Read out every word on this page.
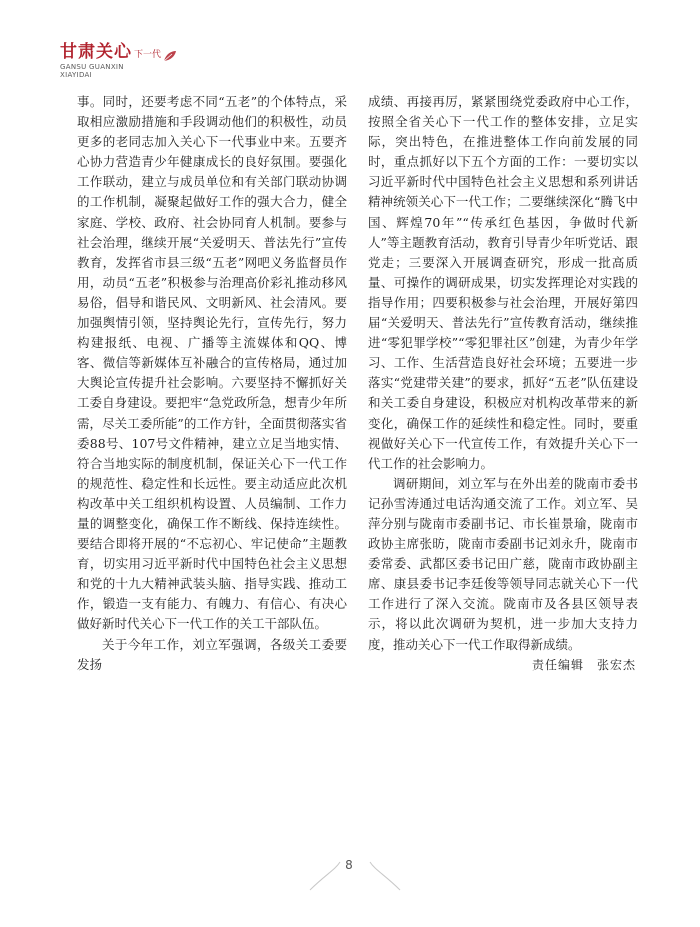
甘肃关心 下一代
GANSU GUANXIN
XIAYIDAI

事。同时，还要考虑不同“五老”的个体特点，采取相应激励措施和手段调动他们的积极性，动员更多的老同志加入关心下一代事业中来。五要齐心协力营造青少年健康成长的良好氛围。要强化工作联动，建立与成员单位和有关部门联动协调的工作机制，凝聚起做好工作的强大合力，健全家庭、学校、政府、社会协同育人机制。要参与社会治理，继续开展“关爱明天、普法先行”宣传教育，发挥省市县三级“五老”网吧义务监督员作用，动员“五老”积极参与治理高价彩礼推动移风易俗，倡导和谐民风、文明新风、社会清风。要加强舆情引领，坚持舆论先行，宣传先行，努力构建报纸、电视、广播等主流媒体和QQ、博客、微信等新媒体互补融合的宣传格局，通过加大舆论宣传提升社会影响。六要坚持不懈抓好关工委自身建设。要把牢“急党政所急，想青少年所需，尽关工委所能”的工作方针，全面贯彻落实省委88号、107号文件精神，建立立足当地实情、符合当地实际的制度机制，保证关心下一代工作的规范性、稳定性和长远性。要主动适应此次机构改革中关工组织机构设置、人员编制、工作力量的调整变化，确保工作不断线、保持连续性。要结合即将开展的“不忘初心、牢记使命”主题教育，切实用习近平新时代中国特色社会主义思想和党的十九大精神武装头脑、指导实践、推动工作，锻造一支有能力、有魄力、有信心、有决心做好新时代关心下一代工作的关工干部队伍。

关于今年工作，刘立军强调，各级关工委要发扬

成绩、再接再厉，紧紧围绕党委政府中心工作，按照全省关心下一代工作的整体安排，立足实际，突出特色，在推进整体工作向前发展的同时，重点抓好以下五个方面的工作：一要切实以习近平新时代中国特色社会主义思想和系列讲话精神统领关心下一代工作；二要继续深化“腾飞中国、辉煌70年”“传承红色基因，争做时代新人”等主题教育活动，教育引导青少年听党话、跟党走；三要深入开展调查研究，形成一批高质量、可操作的调研成果，切实发挥理论对实践的指导作用；四要积极参与社会治理，开展好第四届“关爱明天、普法先行”宣传教育活动，继续推进“零犯罪学校”“零犯罪社区”创建，为青少年学习、工作、生活营造良好社会环境；五要进一步落实“党建带关建”的要求，抓好“五老”队伍建设和关工委自身建设，积极应对机构改革带来的新变化，确保工作的延续性和稳定性。同时，要重视做好关心下一代宣传工作，有效提升关心下一代工作的社会影响力。

调研期间，刘立军与在外出差的陇南市委书记孙雪涛通过电话沟通交流了工作。刘立军、吴萍分别与陇南市委副书记、市长崔景瑜，陇南市政协主席张昉，陇南市委副书记刘永升，陇南市委常委、武都区委书记田广慈，陇南市政协副主席、康县委书记李廷俊等领导同志就关心下一代工作进行了深入交流。陇南市及各县区领导表示，将以此次调研为契机，进一步加大支持力度，推动关心下一代工作取得新成绩。

责任编辑　张宏杰

8
